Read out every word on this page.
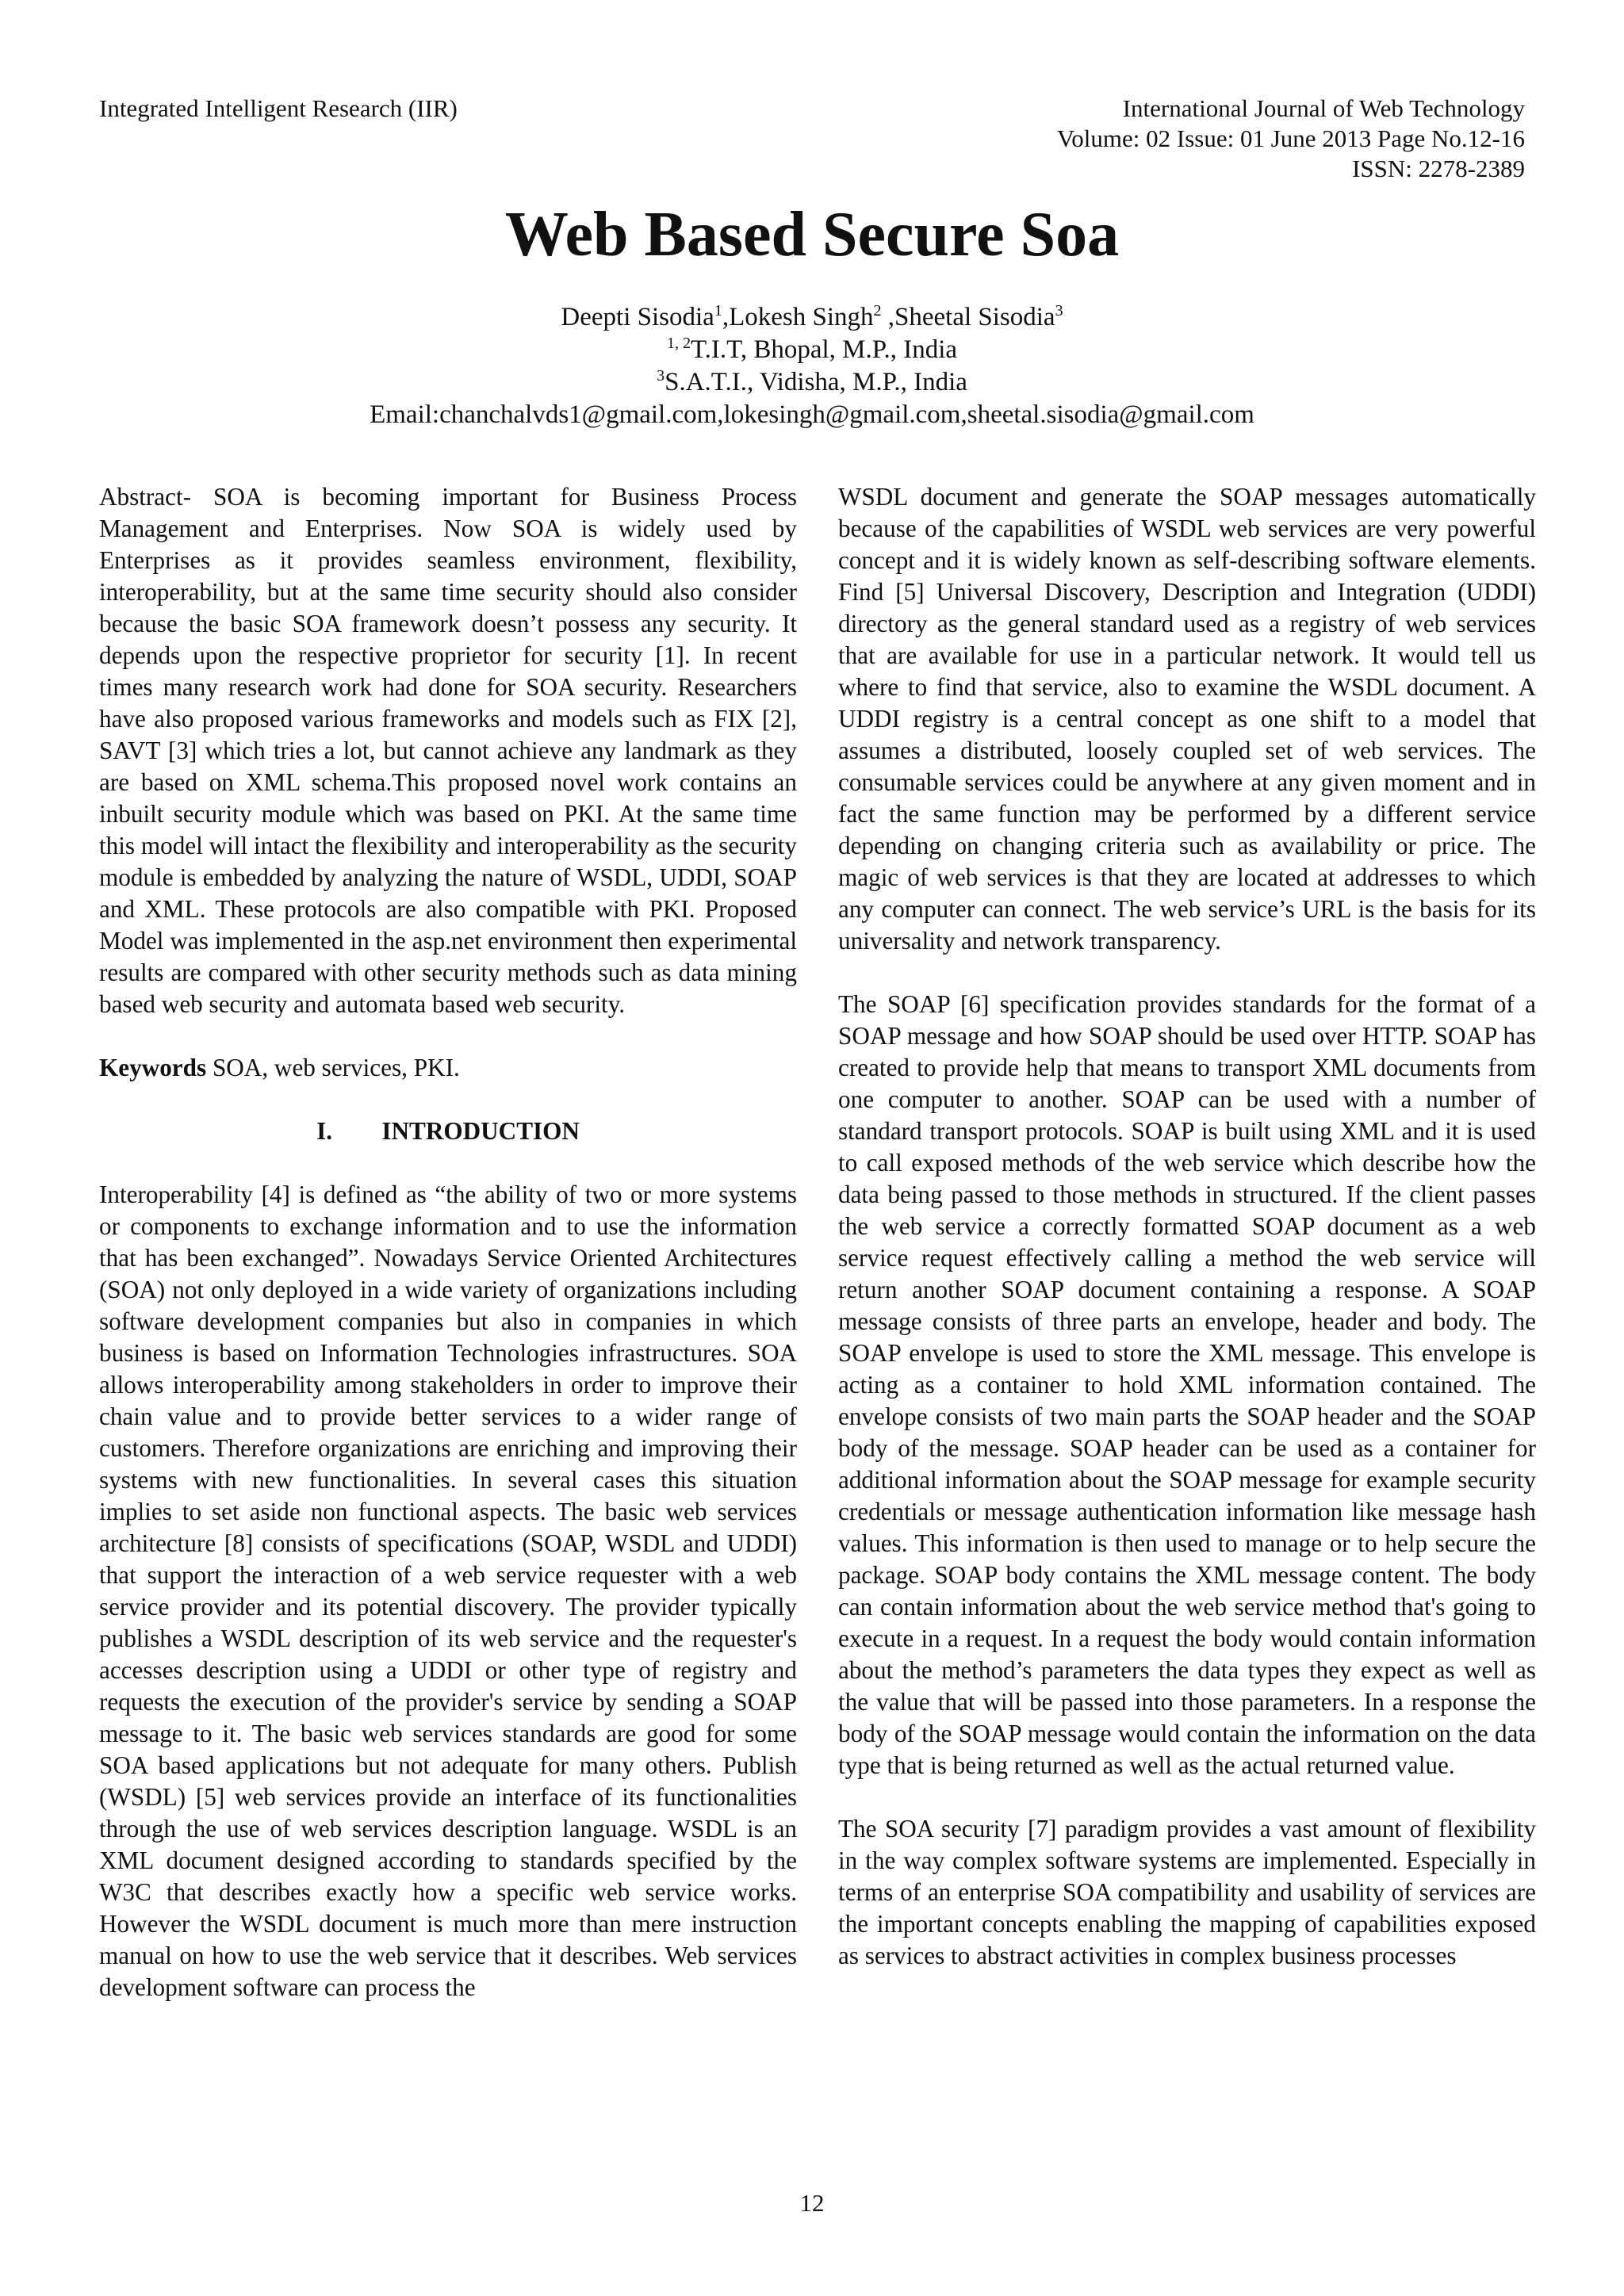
Integrated Intelligent Research (IIR)	International Journal of Web Technology
Volume: 02 Issue: 01 June 2013 Page No.12-16
ISSN: 2278-2389
Web Based Secure Soa
Deepti Sisodia$^1$,Lokesh Singh$^2$ ,Sheetal Sisodia$^3$
$^{1, 2}$T.I.T, Bhopal, M.P., India
$^3$S.A.T.I., Vidisha, M.P., India
Email:chanchalvds1@gmail.com,lokesingh@gmail.com,sheetal.sisodia@gmail.com

Abstract- SOA is becoming important for Business Process Management and Enterprises. Now SOA is widely used by Enterprises as it provides seamless environment, flexibility, interoperability, but at the same time security should also consider because the basic SOA framework doesn’t possess any security. It depends upon the respective proprietor for security [1]. In recent times many research work had done for SOA security. Researchers have also proposed various frameworks and models such as FIX [2], SAVT [3] which tries a lot, but cannot achieve any landmark as they are based on XML schema.This proposed novel work contains an inbuilt security module which was based on PKI. At the same time this model will intact the flexibility and interoperability as the security module is embedded by analyzing the nature of WSDL, UDDI, SOAP and XML. These protocols are also compatible with PKI. Proposed Model was implemented in the asp.net environment then experimental results are compared with other security methods such as data mining based web security and automata based web security.

Keywords SOA, web services, PKI.

I.        INTRODUCTION

Interoperability [4] is defined as “the ability of two or more systems or components to exchange information and to use the information that has been exchanged”. Nowadays Service Oriented Architectures (SOA) not only deployed in a wide variety of organizations including software development companies but also in companies in which business is based on Information Technologies infrastructures. SOA allows interoperability among stakeholders in order to improve their chain value and to provide better services to a wider range of customers. Therefore organizations are enriching and improving their systems with new functionalities. In several cases this situation implies to set aside non functional aspects. The basic web services architecture [8] consists of specifications (SOAP, WSDL and UDDI) that support the interaction of a web service requester with a web service provider and its potential discovery. The provider typically publishes a WSDL description of its web service and the requester's accesses description using a UDDI or other type of registry and requests the execution of the provider's service by sending a SOAP message to it. The basic web services standards are good for some SOA based applications but not adequate for many others. Publish (WSDL) [5] web services provide an interface of its functionalities through the use of web services description language. WSDL is an XML document designed according to standards specified by the W3C that describes exactly how a specific web service works. However the WSDL document is much more than mere instruction manual on how to use the web service that it describes. Web services development software can process the

WSDL document and generate the SOAP messages automatically because of the capabilities of WSDL web services are very powerful concept and it is widely known as self-describing software elements. Find [5] Universal Discovery, Description and Integration (UDDI) directory as the general standard used as a registry of web services that are available for use in a particular network. It would tell us where to find that service, also to examine the WSDL document. A UDDI registry is a central concept as one shift to a model that assumes a distributed, loosely coupled set of web services. The consumable services could be anywhere at any given moment and in fact the same function may be performed by a different service depending on changing criteria such as availability or price. The magic of web services is that they are located at addresses to which any computer can connect. The web service’s URL is the basis for its universality and network transparency.

The SOAP [6] specification provides standards for the format of a SOAP message and how SOAP should be used over HTTP. SOAP has created to provide help that means to transport XML documents from one computer to another. SOAP can be used with a number of standard transport protocols. SOAP is built using XML and it is used to call exposed methods of the web service which describe how the data being passed to those methods in structured. If the client passes the web service a correctly formatted SOAP document as a web service request effectively calling a method the web service will return another SOAP document containing a response. A SOAP message consists of three parts an envelope, header and body. The SOAP envelope is used to store the XML message. This envelope is acting as a container to hold XML information contained. The envelope consists of two main parts the SOAP header and the SOAP body of the message. SOAP header can be used as a container for additional information about the SOAP message for example security credentials or message authentication information like message hash values. This information is then used to manage or to help secure the package. SOAP body contains the XML message content. The body can contain information about the web service method that's going to execute in a request. In a request the body would contain information about the method’s parameters the data types they expect as well as the value that will be passed into those parameters. In a response the body of the SOAP message would contain the information on the data type that is being returned as well as the actual returned value.

The SOA security [7] paradigm provides a vast amount of flexibility in the way complex software systems are implemented. Especially in terms of an enterprise SOA compatibility and usability of services are the important concepts enabling the mapping of capabilities exposed as services to abstract activities in complex business processes

12
